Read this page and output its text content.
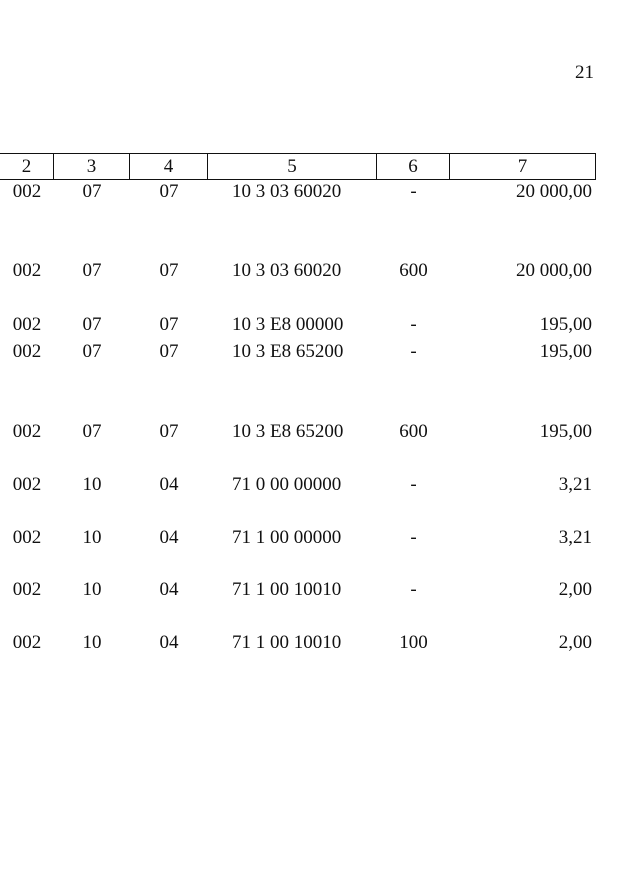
21
2	3	4	5	6	7
002	07	07	10 3 03 60020	-	20 000,00
002	07	07	10 3 03 60020	600	20 000,00
002	07	07	10 3 E8 00000	-	195,00
002	07	07	10 3 E8 65200	-	195,00
002	07	07	10 3 E8 65200	600	195,00
002	10	04	71 0 00 00000	-	3,21
002	10	04	71 1 00 00000	-	3,21
002	10	04	71 1 00 10010	-	2,00
002	10	04	71 1 00 10010	100	2,00
